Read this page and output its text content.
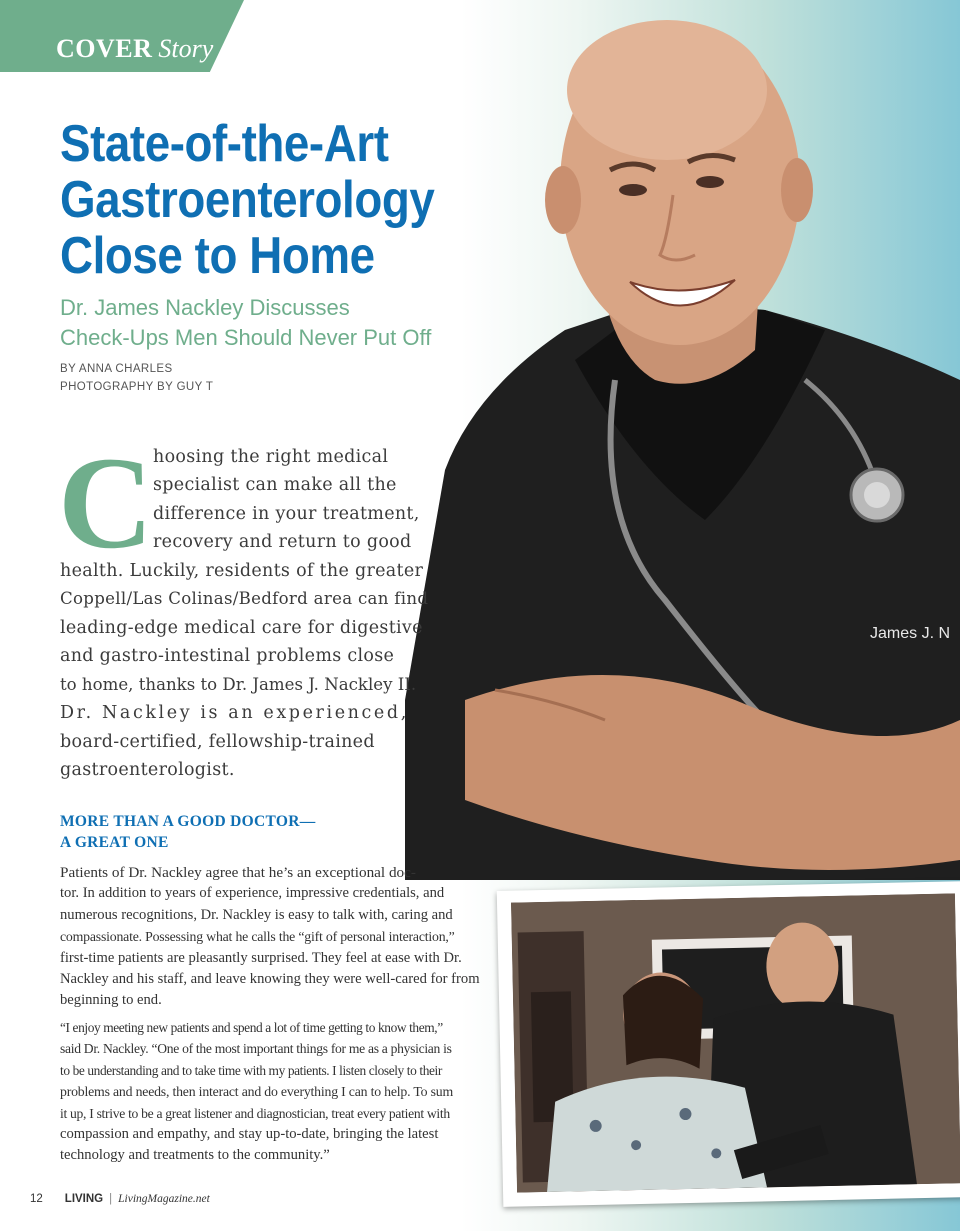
COVER Story
James J. N
State-of-the-Art
Gastroenterology
Close to Home
Dr. James Nackley Discusses
Check-Ups Men Should Never Put Off
BY ANNA CHARLES
PHOTOGRAPHY BY GUY T
C hoosing the right medical
specialist can make all the
difference in your treatment,
recovery and return to good
health. Luckily, residents of the greater
Coppell/Las Colinas/Bedford area can find
leading-edge medical care for digestive
and gastro-intestinal problems close
to home, thanks to Dr. James J. Nackley II.
Dr. Nackley is an experienced,
board-certified, fellowship-trained
gastroenterologist.
MORE THAN A GOOD DOCTOR—
A GREAT ONE
Patients of Dr. Nackley agree that he’s an exceptional doc-
tor. In addition to years of experience, impressive credentials, and
numerous recognitions, Dr. Nackley is easy to talk with, caring and
compassionate. Possessing what he calls the “gift of personal interaction,”
first-time patients are pleasantly surprised. They feel at ease with Dr.
Nackley and his staff, and leave knowing they were well-cared for from
beginning to end.
“I enjoy meeting new patients and spend a lot of time getting to know them,”
said Dr. Nackley. “One of the most important things for me as a physician is
to be understanding and to take time with my patients. I listen closely to their
problems and needs, then interact and do everything I can to help. To sum
it up, I strive to be a great listener and diagnostician, treat every patient with
compassion and empathy, and stay up-to-date, bringing the latest
technology and treatments to the community.”
12 LIVING | LivingMagazine.net
